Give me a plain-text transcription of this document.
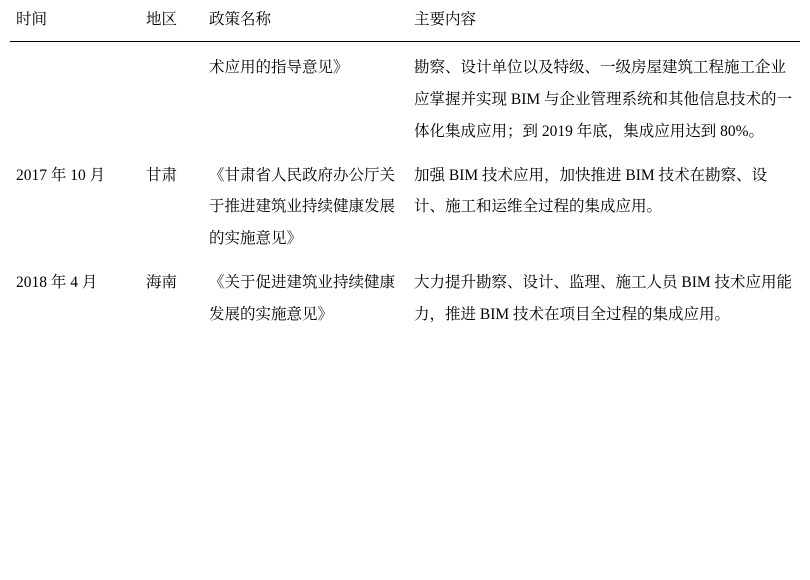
时间	地区	政策名称	主要内容
		术应用的指导意见》	勘察、设计单位以及特级、一级房屋建筑工程施工企业应掌握并实现 BIM 与企业管理系统和其他信息技术的一体化集成应用；到 2019 年底，集成应用达到 80%。
2017 年 10 月	甘肃	《甘肃省人民政府办公厅关于推进建筑业持续健康发展的实施意见》	加强 BIM 技术应用，加快推进 BIM 技术在勘察、设计、施工和运维全过程的集成应用。
2018 年 4 月	海南	《关于促进建筑业持续健康发展的实施意见》	大力提升勘察、设计、监理、施工人员 BIM 技术应用能力，推进 BIM 技术在项目全过程的集成应用。
